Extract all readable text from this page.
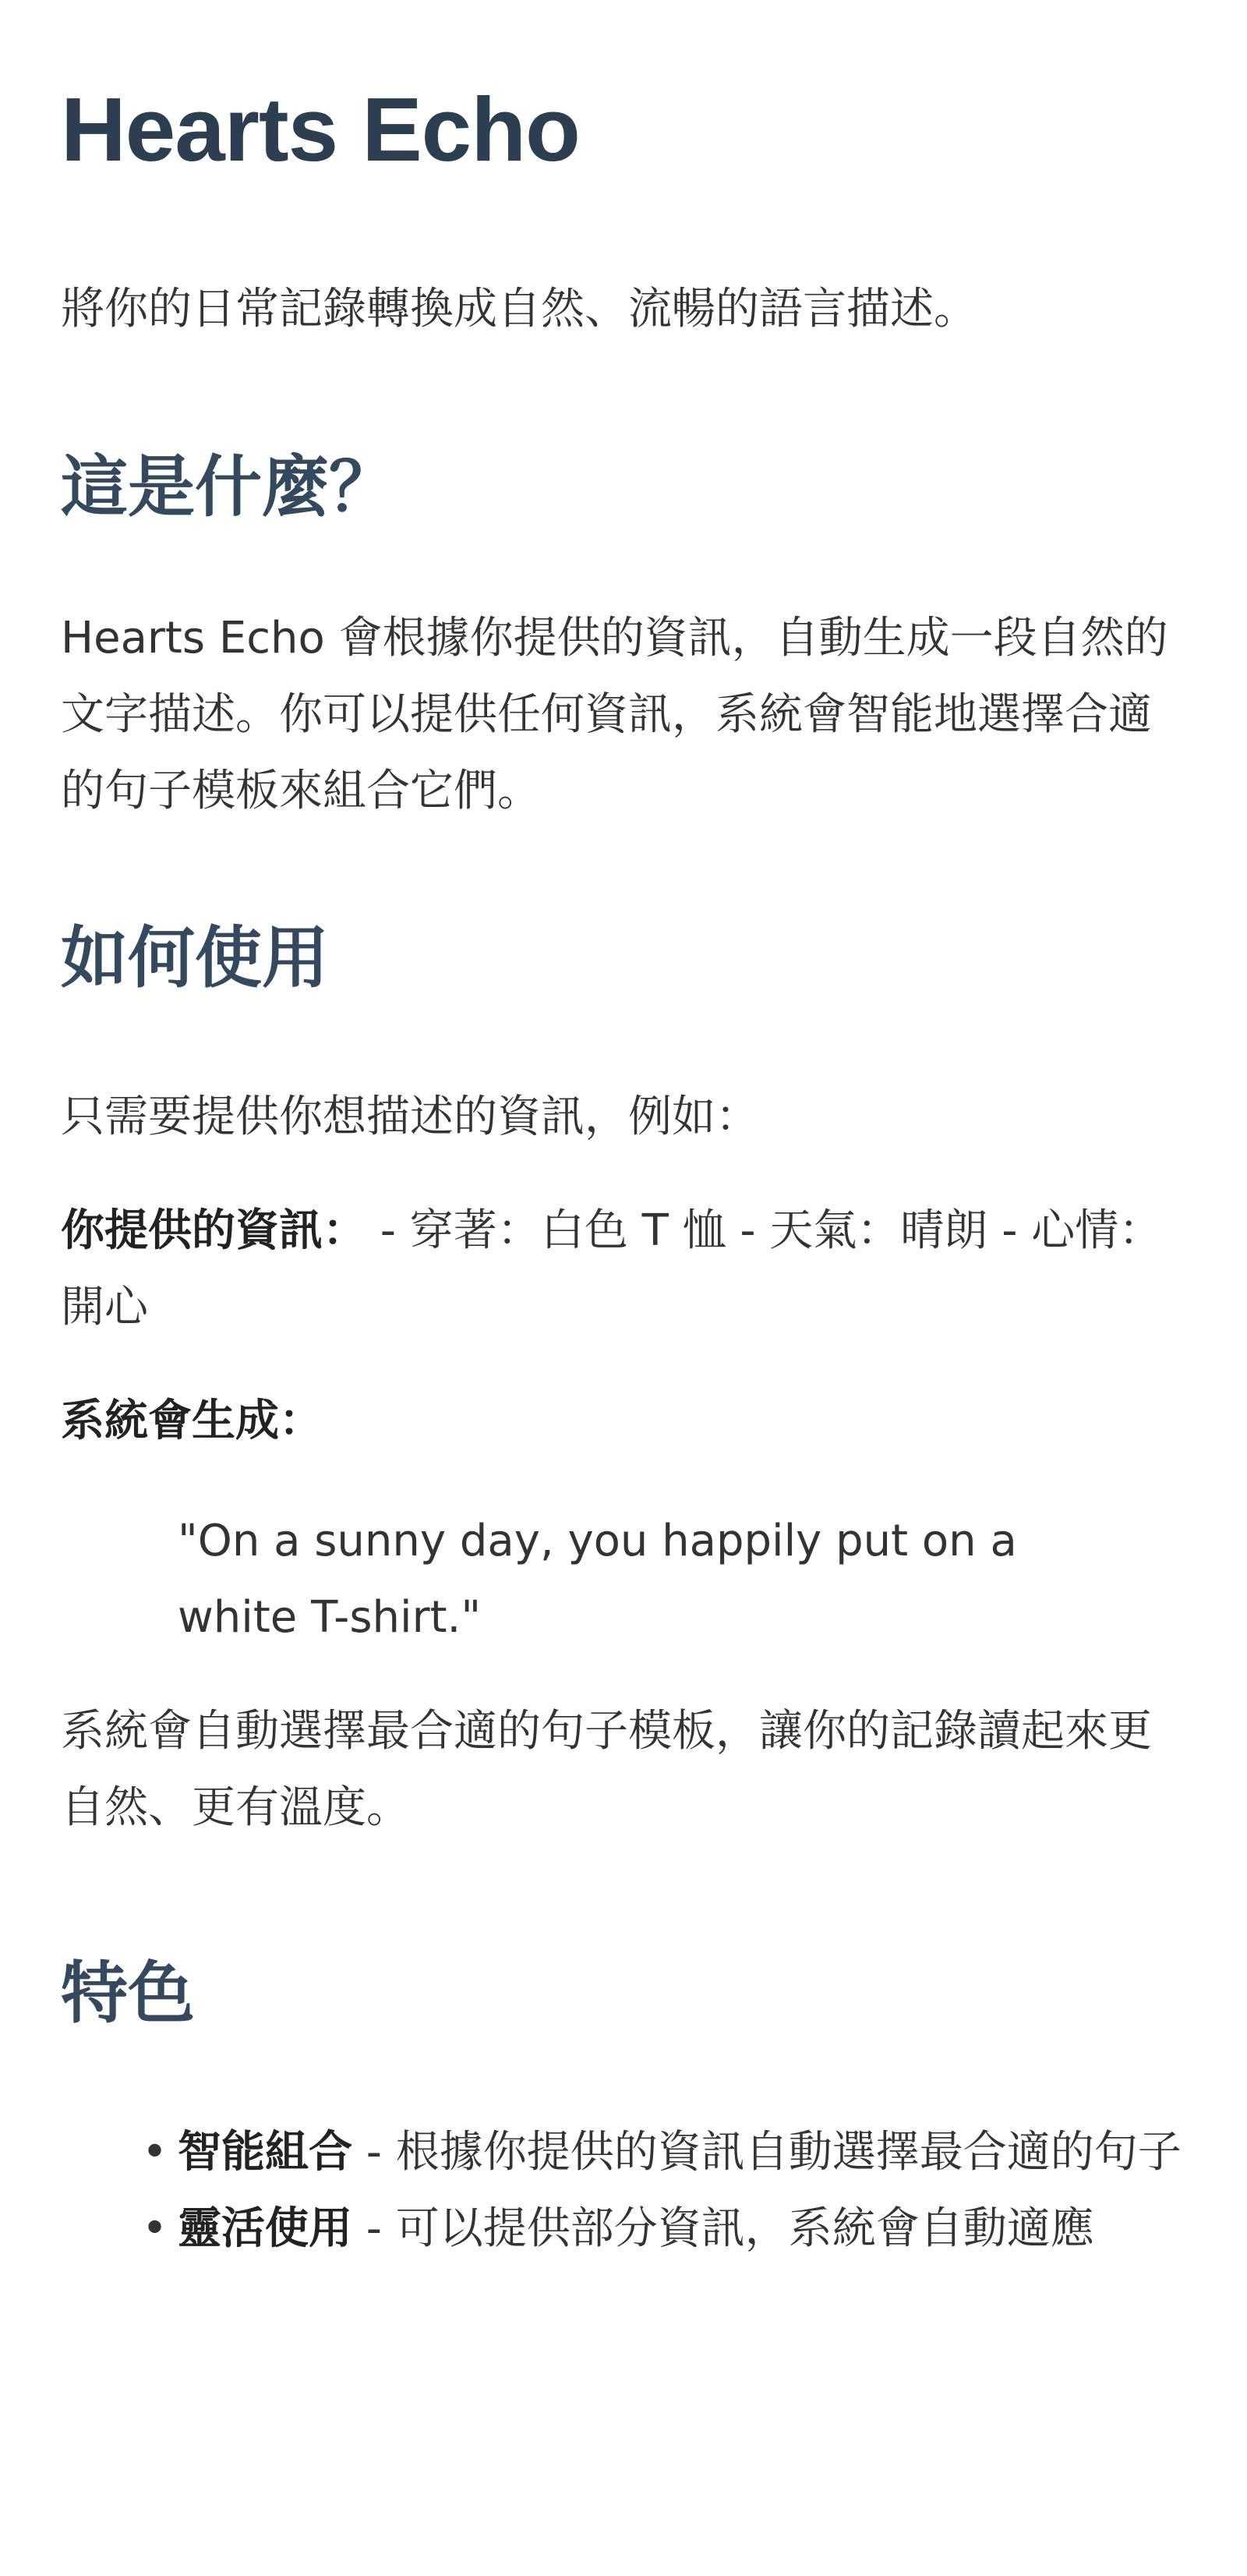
Hearts Echo

將你的日常記錄轉換成自然、流暢的語言描述。

這是什麼？

Hearts Echo 會根據你提供的資訊，自動生成一段自然的文字描述。你可以提供任何資訊，系統會智能地選擇合適的句子模板來組合它們。

如何使用

只需要提供你想描述的資訊，例如：

你提供的資訊： - 穿著：白色 T 恤 - 天氣：晴朗 - 心情：開心

系統會生成：

"On a sunny day, you happily put on a white T-shirt."

系統會自動選擇最合適的句子模板，讓你的記錄讀起來更自然、更有溫度。

特色
• 智能組合 - 根據你提供的資訊自動選擇最合適的句子
• 靈活使用 - 可以提供部分資訊，系統會自動適應
